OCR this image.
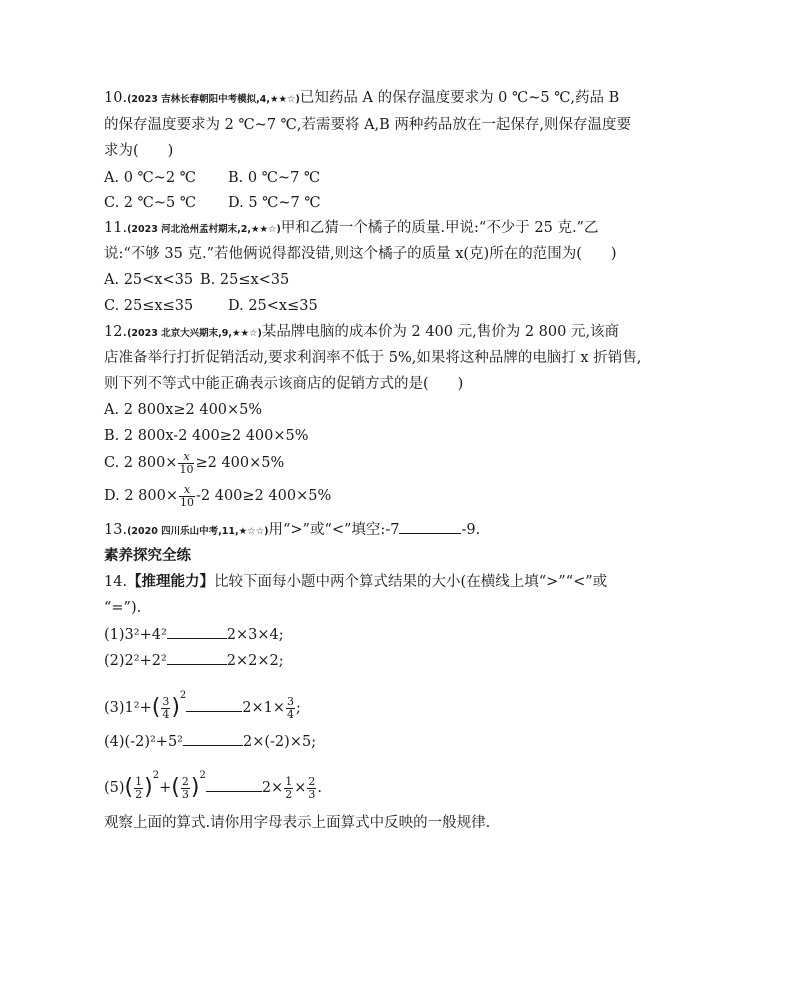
10.(2023 吉林长春朝阳中考模拟,4,★★☆)已知药品 A 的保存温度要求为 0 ℃~5 ℃,药品 B
的保存温度要求为 2 ℃~7 ℃,若需要将 A,B 两种药品放在一起保存,则保存温度要
求为(　　)
A. 0 ℃~2 ℃ B. 0 ℃~7 ℃
C. 2 ℃~5 ℃ D. 5 ℃~7 ℃
11.(2023 河北沧州孟村期末,2,★★☆)甲和乙猜一个橘子的质量.甲说:“不少于 25 克.”乙
说:“不够 35 克.”若他俩说得都没错,则这个橘子的质量 x(克)所在的范围为(　　)
A. 25<x<35 B. 25≤x<35
C. 25≤x≤35 D. 25<x≤35
12.(2023 北京大兴期末,9,★★☆)某品牌电脑的成本价为 2 400 元,售价为 2 800 元,该商
店准备举行打折促销活动,要求利润率不低于 5%,如果将这种品牌的电脑打 x 折销售,
则下列不等式中能正确表示该商店的促销方式的是(　　)
A. 2 800x≥2 400×5%
B. 2 800x-2 400≥2 400×5%
C. 2 $800\times \frac{x}{10} \ge 2$ 400×5%
D. 2 $800\times \frac{x}{10} -2$ 400≥2 400×5%
13.(2020 四川乐山中考,11,★☆☆)用“>”或“<”填空:-7	-9.
素养探究全练
14.【推理能力】比较下面每小题中两个算式结果的大小(在横线上填“>”“<”或
“=”).
(1)3²+4²	2×3×4;
(2)2²+2²	2×2×2;
$(3)1^2+( \frac{3}{4} )^22\times 1\times \frac{3}{4}$ ;
(4)(-2)²+5²	2×(-2)×5;
$(5)( \frac{1}{2} )^2+( \frac{2}{3} )^22\times \frac{1}{2} \times \frac{2}{3}$ .
观察上面的算式.请你用字母表示上面算式中反映的一般规律.
